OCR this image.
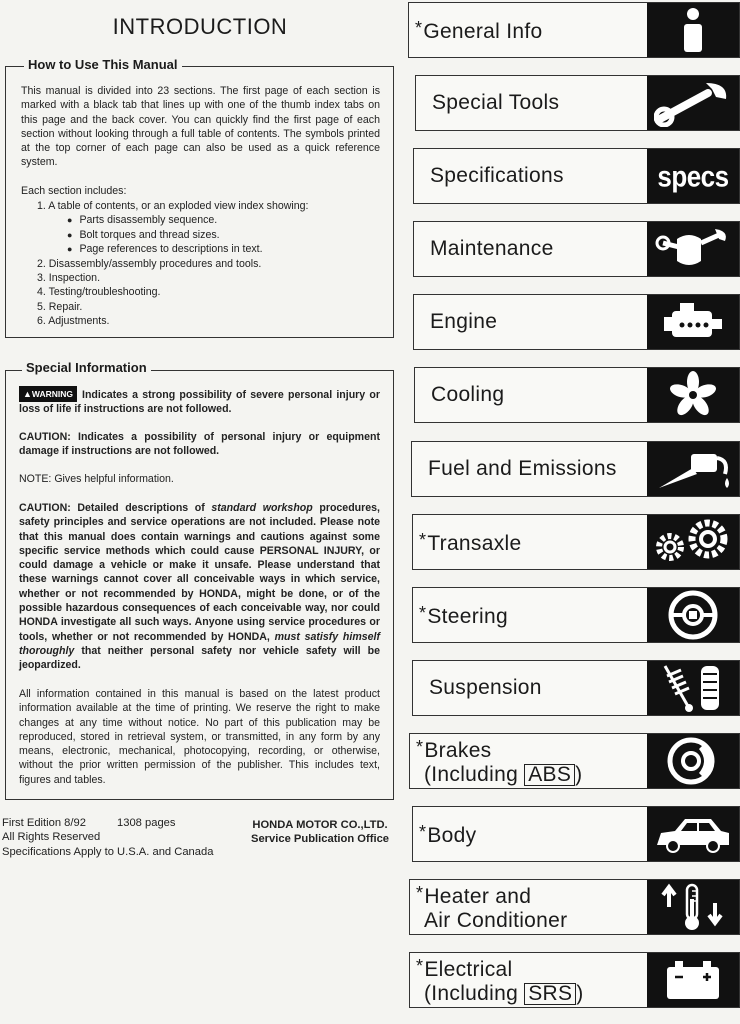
INTRODUCTION
How to Use This Manual
This manual is divided into 23 sections. The first page of each section is marked with a black tab that lines up with one of the thumb index tabs on this page and the back cover. You can quickly find the first page of each section without looking through a full table of contents. The symbols printed at the top corner of each page can also be used as a quick reference system.
Each section includes:
1. A table of contents, or an exploded view index showing:
● Parts disassembly sequence.
● Bolt torques and thread sizes.
● Page references to descriptions in text.
2. Disassembly/assembly procedures and tools.
3. Inspection.
4. Testing/troubleshooting.
5. Repair.
6. Adjustments.
Special Information
▲WARNING Indicates a strong possibility of severe personal injury or loss of life if instructions are not followed.
CAUTION: Indicates a possibility of personal injury or equipment damage if instructions are not followed.
NOTE: Gives helpful information.
CAUTION: Detailed descriptions of standard workshop procedures, safety principles and service operations are not included. Please note that this manual does contain warnings and cautions against some specific service methods which could cause PERSONAL INJURY, or could damage a vehicle or make it unsafe. Please understand that these warnings cannot cover all conceivable ways in which service, whether or not recommended by HONDA, might be done, or of the possible hazardous consequences of each conceivable way, nor could HONDA investigate all such ways. Anyone using service procedures or tools, whether or not recommended by HONDA, must satisfy himself thoroughly that neither personal safety nor vehicle safety will be jeopardized.
All information contained in this manual is based on the latest product information available at the time of printing. We reserve the right to make changes at any time without notice. No part of this publication may be reproduced, stored in retrieval system, or transmitted, in any form by any means, electronic, mechanical, photocopying, recording, or otherwise, without the prior written permission of the publisher. This includes text, figures and tables.
First Edition 8/92	1308 pages
All Rights Reserved
Specifications Apply to U.S.A. and Canada
HONDA MOTOR CO.,LTD.
Service Publication Office
*General Info
Special Tools
Specifications	specs
Maintenance
Engine
Cooling
Fuel and Emissions
*Transaxle
*Steering
Suspension
*Brakes
(Including ABS )
*Body
*Heater and
Air Conditioner
*Electrical
(Including SRS )
